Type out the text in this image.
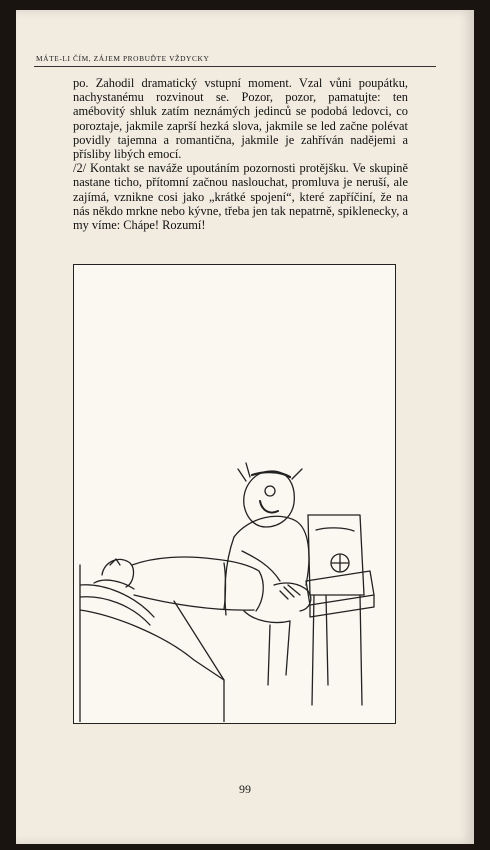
MÁTE-LI ČÍM, ZÁJEM PROBUĎTE VŽDYCKY

po. Zahodil dramatický vstupní moment. Vzal vůni poupátku, nachystanému rozvinout se. Pozor, pozor, pamatujte: ten amébovitý shluk zatím neznámých jedinců se podobá ledovci, co poroztaje, jakmile zaprší hezká slova, jakmile se led začne polévat povidly tajemna a romantična, jakmile je zahříván nadějemi a přísliby libých emocí.

/2/ Kontakt se naváže upoutáním pozornosti protějšku. Ve skupině nastane ticho, přítomní začnou naslouchat, promluva je neruší, ale zajímá, vznikne cosi jako „krátké spojení“, které zapříčiní, že na nás někdo mrkne nebo kývne, třeba jen tak nepatrně, spiklenecky, a my víme: Chápe! Rozumí!

99
